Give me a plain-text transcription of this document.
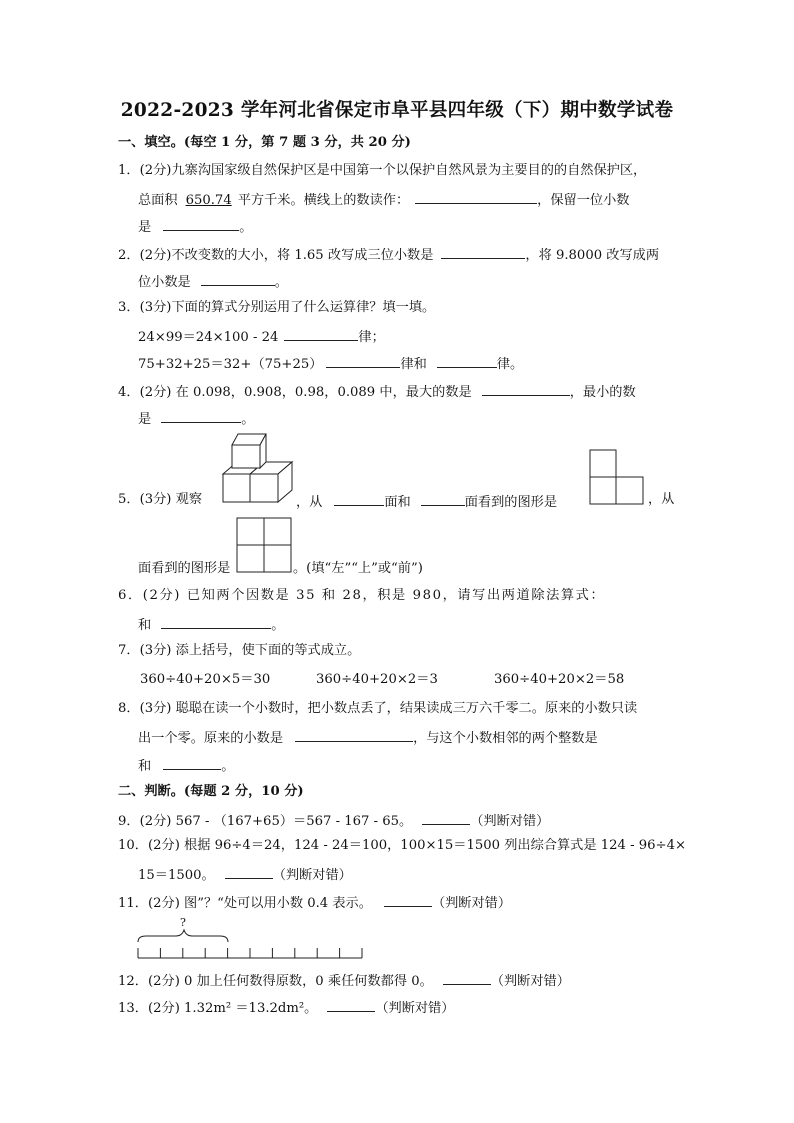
2022-2023 学年河北省保定市阜平县四年级（下）期中数学试卷
一、填空。(每空 1 分，第 7 题 3 分，共 20 分)
1．(2分)九寨沟国家级自然保护区是中国第一个以保护自然风景为主要目的的自然保护区，
总面积 650.74 平方千米。横线上的数读作：	，保留一位小数
是	。
2．(2分)不改变数的大小，将 1.65 改写成三位小数是	，将 9.8000 改写成两
位小数是	。
3．(3分)下面的算式分别运用了什么运算律？填一填。
24×99＝24×100 - 24	律；
75+32+25＝32+（75+25）	律和	律。
4．(2分) 在 0.098，0.908，0.98，0.089 中，最大的数是	，最小的数
是	。
5．(3分) 观察	，从	面和	面看到的图形是	，从
面看到的图形是	。(填“左”“上”或“前”)
6．(2分) 已知两个因数是 35 和 28，积是 980，请写出两道除法算式：
和	。
7．(3分) 添上括号，使下面的等式成立。
360÷40+20×5＝30	360÷40+20×2＝3	360÷40+20×2＝58
8．(3分) 聪聪在读一个小数时，把小数点丢了，结果读成三万六千零二。原来的小数只读
出一个零。原来的小数是	，与这个小数相邻的两个整数是
和	。
二、判断。(每题 2 分，10 分)
9．(2分) 567 - （167+65）＝567 - 167 - 65。	（判断对错）
10．(2分) 根据 96÷4＝24，124 - 24＝100，100×15＝1500 列出综合算式是 124 - 96÷4×
15＝1500。	（判断对错）
11．(2分) 图”？“处可以用小数 0.4 表示。	（判断对错）
?
12．(2分) 0 加上任何数得原数，0 乘任何数都得 0。	（判断对错）
13．(2分) 1.32m² ＝13.2dm²。	（判断对错）
